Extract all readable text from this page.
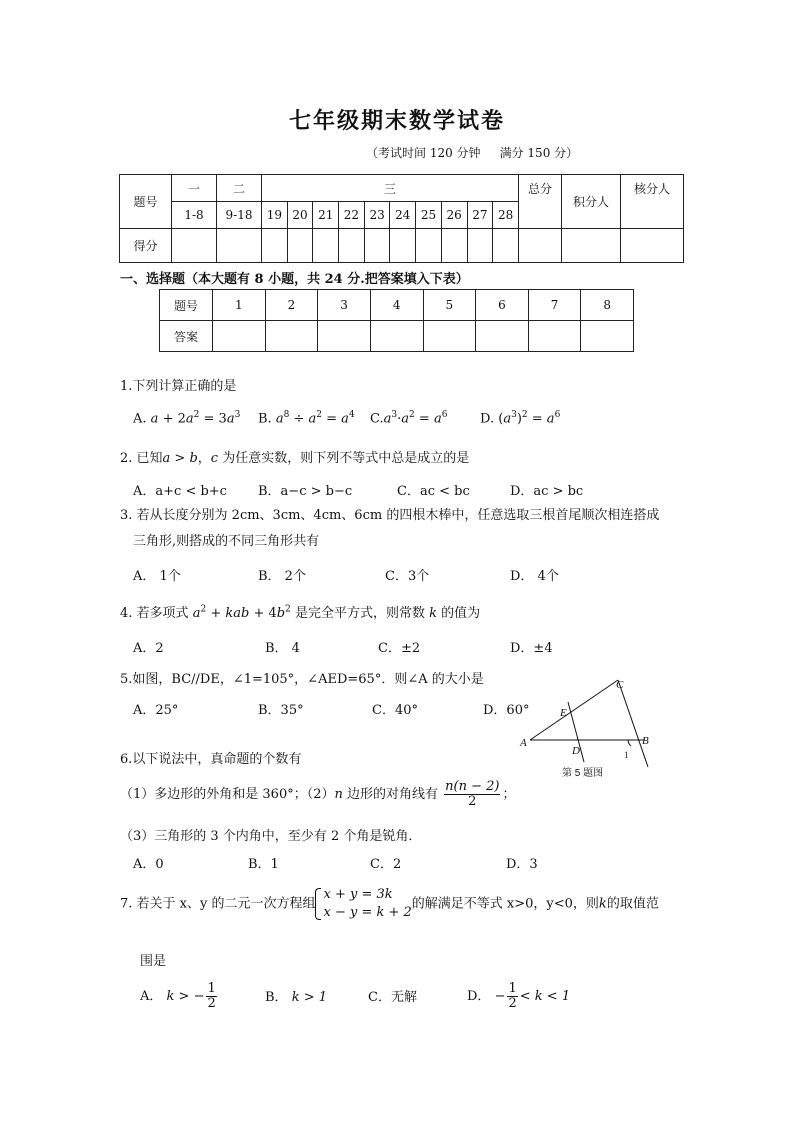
七年级期末数学试卷
（考试时间 120 分钟     满分 150 分）
题号	一	二	三										总分	积分人	核分人
	1-8	9-18	19	20	21	22	23	24	25	26	27	28			
得分															
一、选择题（本大题有 8 小题，共 24 分.把答案填入下表）
题号	1	2	3	4	5	6	7	8
答案								
1.下列计算正确的是
A. $a + 2a^2 = 3a^3$ B. $a^8 \div a^2 = a^4$ $C.a^3\cdot a^2 = a^6$	D. $(a^3)^2 = a^6$
2. 已知a > b，c 为任意实数，则下列不等式中总是成立的是
A．a+c < b+c B．a−c > b−c	C．ac < bc	D．ac > bc
3. 若从长度分别为 2cm、3cm、4cm、6cm 的四根木棒中，任意选取三根首尾顺次相连搭成
三角形,则搭成的不同三角形共有
A． 1个	B． 2个	C．3个	D． 4个
4. 若多项式 $a^2$ + kab + $4b^2$ 是完全平方式，则常数 k 的值为
A．2	B． 4	C．±2	D．±4
5.如图，BC//DE，∠1=105°，∠AED=65°．则∠A 的大小是
A．25°	B．35°	C．40°	D．60°
C
E
A
D
B
1
第 5 题图
6.以下说法中，真命题的个数有
（1）多边形的外角和是 360°；（2）n 边形的对角线有 $\frac{n(n - 2)}{2}$ ；
（3）三角形的 3 个内角中，至少有 2 个角是锐角．
A．0	B．1	C．2	D．3
7. 若关于 x、y 的二元一次方程组
x + y = 3k
x − y = k + 2
的解满足不等式 x>0，y<0，则k的取值范
围是
A． k > − $\frac{1}{2}$	B． k > 1	C．无解	D． − $\frac{1}{2} < k < 1$
